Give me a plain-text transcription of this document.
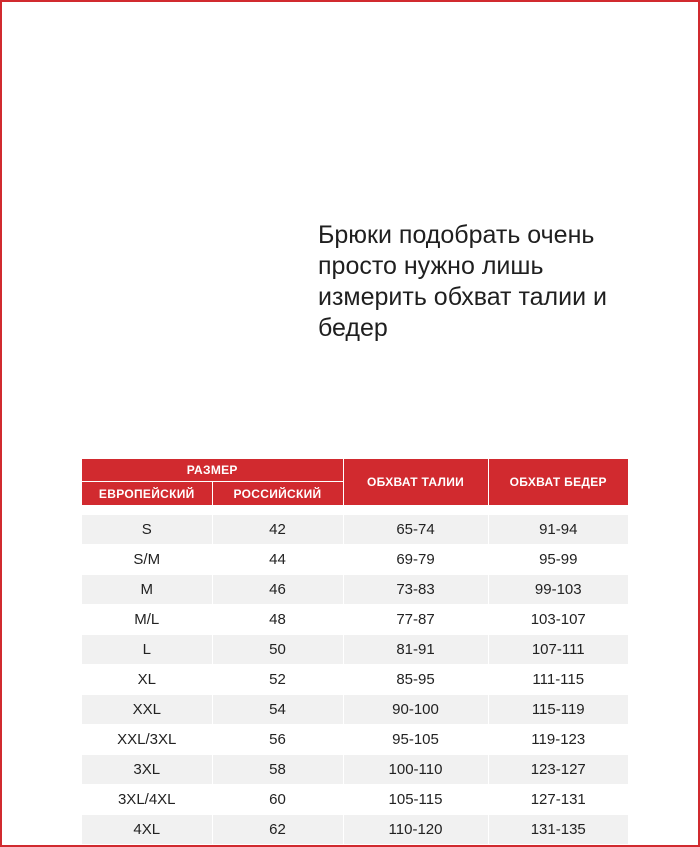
Брюки подобрать очень
просто нужно лишь
измерить обхват талии и
бедер
РАЗМЕР		ОБХВАТ ТАЛИИ	ОБХВАТ БЕДЕР
ЕВРОПЕЙСКИЙ	РОССИЙСКИЙ		

S	42	65-74	91-94
S/M	44	69-79	95-99
M	46	73-83	99-103
M/L	48	77-87	103-107
L	50	81-91	107-111
XL	52	85-95	111-115
XXL	54	90-100	115-119
XXL/3XL	56	95-105	119-123
3XL	58	100-110	123-127
3XL/4XL	60	105-115	127-131
4XL	62	110-120	131-135
